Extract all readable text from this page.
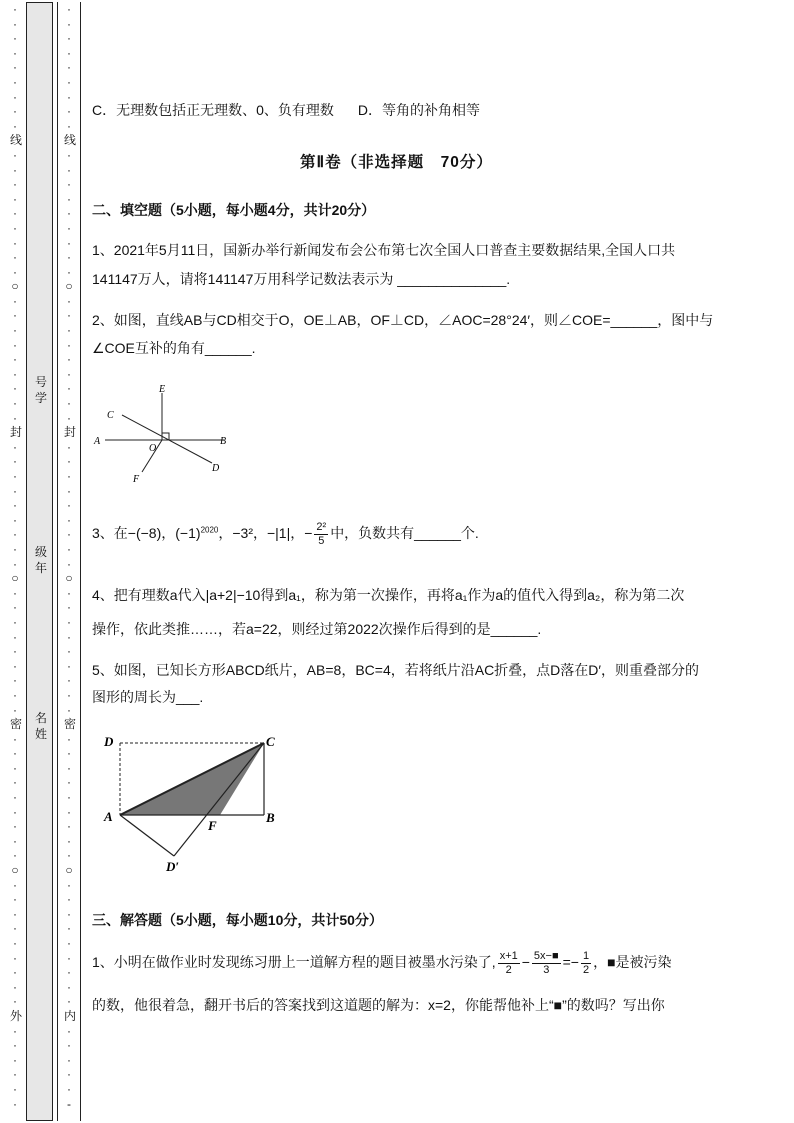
·
·
·
·
·
·
·
·
·
线
·
·
·
·
·
·
·
·
·
○
·
·
·
·
·
·
·
·
·
封
·
·
·
·
·
·
·
·
·
○
·
·
·
·
·
·
·
·
·
密
·
·
·
·
·
·
·
·
·
○
·
·
·
·
·
·
·
·
·
外
·
·
·
·
·
·
·
·
·
·
·
·
·
·
·
线
·
·
·
·
·
·
·
·
·
○
·
·
·
·
·
·
·
·
·
封
·
·
·
·
·
·
·
·
·
○
·
·
·
·
·
·
·
·
·
密
·
·
·
·
·
·
·
·
·
○
·
·
·
·
·
·
·
·
·
内
·
·
·
·
·
-
号
学
级
年
名
姓
C．无理数包括正无理数、0、负有理数 D．等角的补角相等
第Ⅱ卷（非选择题　70分）
二、填空题（5小题，每小题4分，共计20分）
1、2021年5月11日，国新办举行新闻发布会公布第七次全国人口普查主要数据结果,全国人口共
141147万人，请将141147万用科学记数法表示为 ______________.
2、如图，直线AB与CD相交于O，OE⊥AB，OF⊥CD，∠AOC=28°24′，则∠COE=______，图中与
∠COE互补的角有______.
E
C
A
O
B
D
F
3、在−(−8)，$(-1)^{2020}$，−3²，−|1|，− $\frac{\text{2²}}{5}$ 中，负数共有______个.
4、把有理数a代入|a+2|−10得到a₁，称为第一次操作，再将a₁作为a的值代入得到a₂，称为第二次
操作，依此类推……，若a=22，则经过第2022次操作后得到的是______.
5、如图，已知长方形ABCD纸片，AB=8，BC=4，若将纸片沿AC折叠，点D落在D′，则重叠部分的
图形的周长为___.
D	C
A
F
B
D′
三、解答题（5小题，每小题10分，共计50分）
1、小明在做作业时发现练习册上一道解方程的题目被墨水污染了, $\frac{x+1}{2} - \frac{5x-■}{3} =- \frac{1}{2}$ ，■是被污染
的数，他很着急，翻开书后的答案找到这道题的解为：x=2，你能帮他补上“■”的数吗？写出你
